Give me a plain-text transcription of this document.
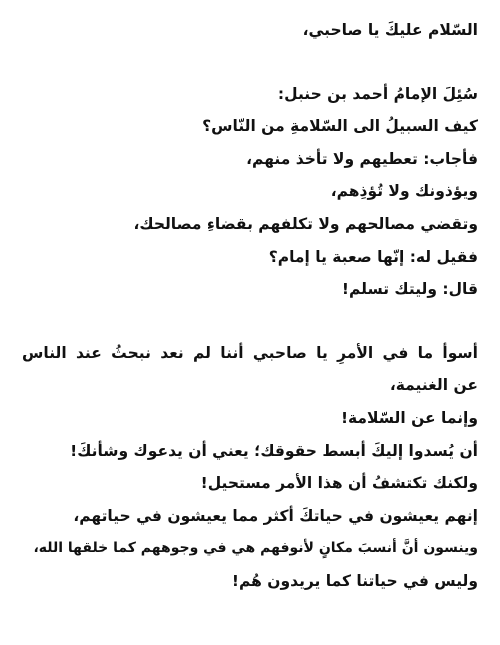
السّلام عليكَ يا صاحبي،
سُئِلَ الإمامُ أحمد بن حنبل:
كيف السبيلُ الى السّلامةِ من النّاس؟
فأجاب: تعطيهم ولا تأخذ منهم،
ويؤذونك ولا تُؤذِهم،
وتقضي مصالحهم ولا تكلفهم بقضاءِ مصالحك،
فقيل له: إنّها صعبة يا إمام؟
قال: وليتك تسلم!
أسوأ ما في الأمرِ يا صاحبي أننا لم نعد نبحثُ عند الناس
عن الغنيمة،
وإنما عن السّلامة!
أن يُسدوا إليكَ أبسط حقوقك؛ يعني أن يدعوك وشأنكَ!
ولكنك تكتشفُ أن هذا الأمر مستحيل!
إنهم يعيشون في حياتكَ أكثر مما يعيشون في حياتهم،
وينسون أنَّ أنسبَ مكانٍ لأنوفهم هي في وجوههم كما خلقها الله،
وليس في حياتنا كما يريدون هُم!
